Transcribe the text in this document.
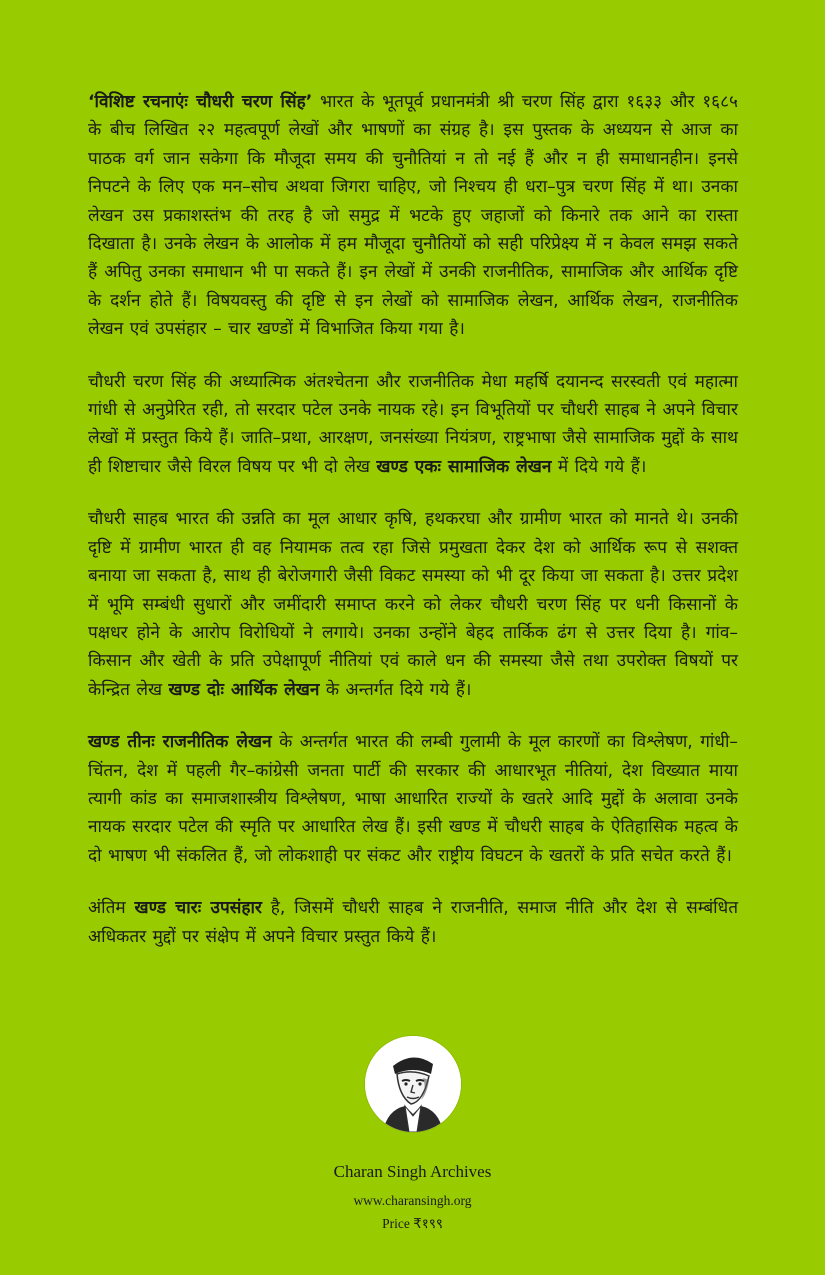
‘विशिष्ट रचनाएंः चौधरी चरण सिंह’ भारत के भूतपूर्व प्रधानमंत्री श्री चरण सिंह द्वारा १६३३ और १६८५ के बीच लिखित २२ महत्वपूर्ण लेखों और भाषणों का संग्रह है। इस पुस्तक के अध्ययन से आज का पाठक वर्ग जान सकेगा कि मौजूदा समय की चुनौतियां न तो नई हैं और न ही समाधानहीन। इनसे निपटने के लिए एक मन–सोच अथवा जिगरा चाहिए, जो निश्चय ही धरा–पुत्र चरण सिंह में था। उनका लेखन उस प्रकाशस्तंभ की तरह है जो समुद्र में भटके हुए जहाजों को किनारे तक आने का रास्ता दिखाता है। उनके लेखन के आलोक में हम मौजूदा चुनौतियों को सही परिप्रेक्ष्य में न केवल समझ सकते हैं अपितु उनका समाधान भी पा सकते हैं। इन लेखों में उनकी राजनीतिक, सामाजिक और आर्थिक दृष्टि के दर्शन होते हैं। विषयवस्तु की दृष्टि से इन लेखों को सामाजिक लेखन, आर्थिक लेखन, राजनीतिक लेखन एवं उपसंहार – चार खण्डों में विभाजित किया गया है।

चौधरी चरण सिंह की अध्यात्मिक अंतश्चेतना और राजनीतिक मेधा महर्षि दयानन्द सरस्वती एवं महात्मा गांधी से अनुप्रेरित रही, तो सरदार पटेल उनके नायक रहे। इन विभूतियों पर चौधरी साहब ने अपने विचार लेखों में प्रस्तुत किये हैं। जाति–प्रथा, आरक्षण, जनसंख्या नियंत्रण, राष्ट्रभाषा जैसे सामाजिक मुद्दों के साथ ही शिष्टाचार जैसे विरल विषय पर भी दो लेख खण्ड एकः सामाजिक लेखन में दिये गये हैं।

चौधरी साहब भारत की उन्नति का मूल आधार कृषि, हथकरघा और ग्रामीण भारत को मानते थे। उनकी दृष्टि में ग्रामीण भारत ही वह नियामक तत्व रहा जिसे प्रमुखता देकर देश को आर्थिक रूप से सशक्त बनाया जा सकता है, साथ ही बेरोजगारी जैसी विकट समस्या को भी दूर किया जा सकता है। उत्तर प्रदेश में भूमि सम्बंधी सुधारों और जमींदारी समाप्त करने को लेकर चौधरी चरण सिंह पर धनी किसानों के पक्षधर होने के आरोप विरोधियों ने लगाये। उनका उन्होंने बेहद तार्किक ढंग से उत्तर दिया है। गांव–किसान और खेती के प्रति उपेक्षापूर्ण नीतियां एवं काले धन की समस्या जैसे तथा उपरोक्त विषयों पर केन्द्रित लेख खण्ड दोः आर्थिक लेखन के अन्तर्गत दिये गये हैं।

खण्ड तीनः राजनीतिक लेखन के अन्तर्गत भारत की लम्बी गुलामी के मूल कारणों का विश्लेषण, गांधी–चिंतन, देश में पहली गैर–कांग्रेसी जनता पार्टी की सरकार की आधारभूत नीतियां, देश विख्यात माया त्यागी कांड का समाजशास्त्रीय विश्लेषण, भाषा आधारित राज्यों के खतरे आदि मुद्दों के अलावा उनके नायक सरदार पटेल की स्मृति पर आधारित लेख हैं। इसी खण्ड में चौधरी साहब के ऐतिहासिक महत्व के दो भाषण भी संकलित हैं, जो लोकशाही पर संकट और राष्ट्रीय विघटन के खतरों के प्रति सचेत करते हैं।

अंतिम खण्ड चारः उपसंहार है, जिसमें चौधरी साहब ने राजनीति, समाज नीति और देश से सम्बंधित अधिकतर मुद्दों पर संक्षेप में अपने विचार प्रस्तुत किये हैं।

Charan Singh Archives
www.charansingh.org
Price ₹१९९
